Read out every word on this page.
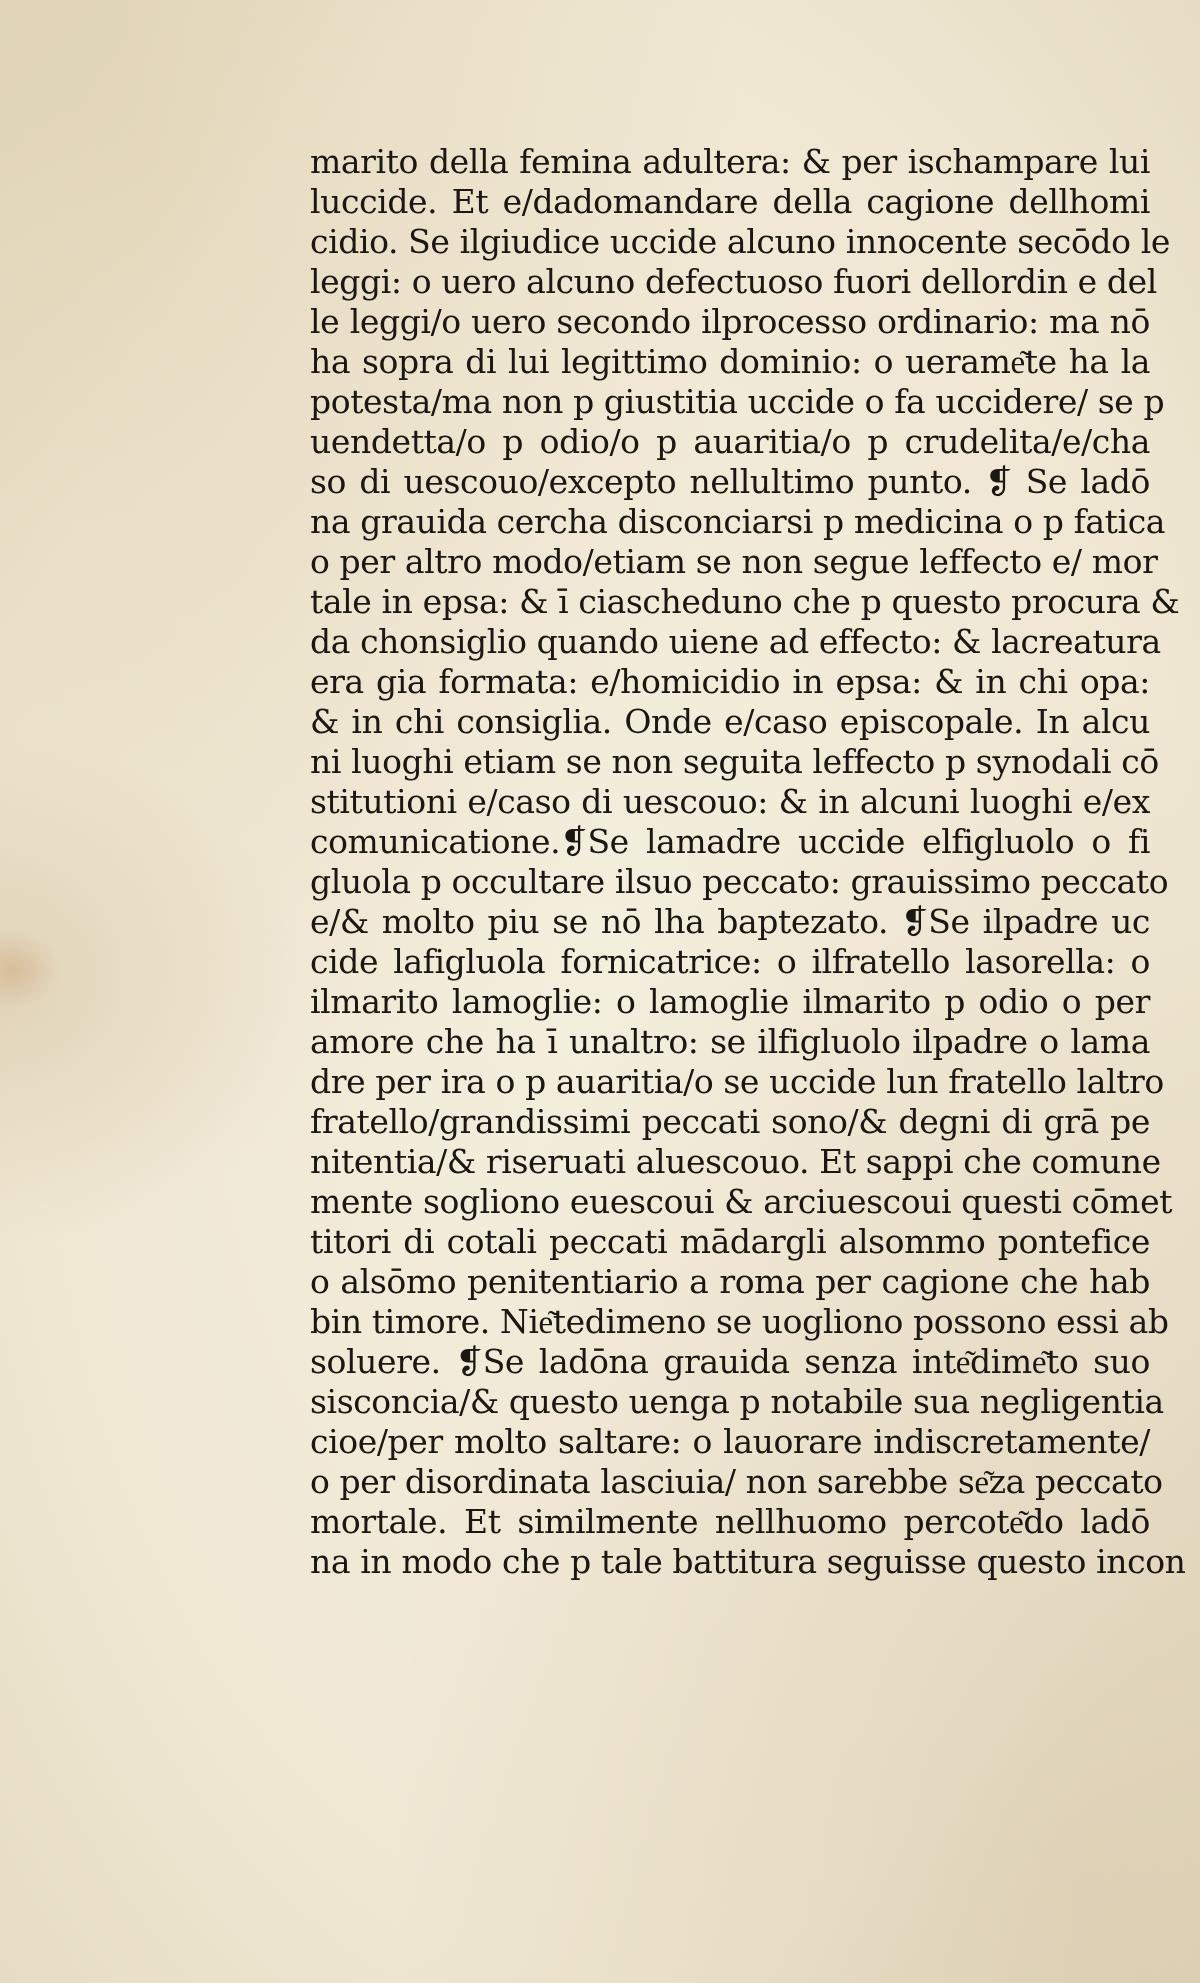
marito della femina adultera: & per ischampare lui
luccide. Et e/dadomandare della cagione dellhomi
cidio. Se ilgiudice uccide alcuno innocente secōdo le
leggi: o uero alcuno defectuoso fuori dellordin e del
le leggi/o uero secondo ilprocesso ordinario: ma nō
ha sopra di lui legittimo dominio: o uerame͂te ha la
potesta/ma non p giustitia uccide o fa uccidere/ se p
uendetta/o p odio/o p auaritia/o p crudelita/e/cha
so di uescouo/excepto nellultimo punto. ❡ Se ladō
na grauida cercha disconciarsi p medicina o p fatica
o per altro modo/etiam se non segue leffecto e/ mor
tale in epsa: & ī ciascheduno che p questo procura &
da chonsiglio quando uiene ad effecto: & lacreatura
era gia formata: e/homicidio in epsa: & in chi opa:
& in chi consiglia. Onde e/caso episcopale. In alcu
ni luoghi etiam se non seguita leffecto p synodali cō
stitutioni e/caso di uescouo: & in alcuni luoghi e/ex
comunicatione.❡Se lamadre uccide elfigluolo o fi
gluola p occultare ilsuo peccato: grauissimo peccato
e/& molto piu se nō lha baptezato. ❡Se ilpadre uc
cide lafigluola fornicatrice: o ilfratello lasorella: o
ilmarito lamoglie: o lamoglie ilmarito p odio o per
amore che ha ī unaltro: se ilfigluolo ilpadre o lama
dre per ira o p auaritia/o se uccide lun fratello laltro
fratello/grandissimi peccati sono/& degni di grā pe
nitentia/& riseruati aluescouo. Et sappi che comune
mente sogliono euescoui & arciuescoui questi cōmet
titori di cotali peccati mādargli alsommo pontefice
o alsōmo penitentiario a roma per cagione che hab
bin timore. Nie͂tedimeno se uogliono possono essi ab
soluere. ❡Se ladōna grauida senza inte͂dime͂to suo
sisconcia/& questo uenga p notabile sua negligentia
cioe/per molto saltare: o lauorare indiscretamente/
o per disordinata lasciuia/ non sarebbe se͂za peccato
mortale. Et similmente nellhuomo percote͂do ladō
na in modo che p tale battitura seguisse questo incon
